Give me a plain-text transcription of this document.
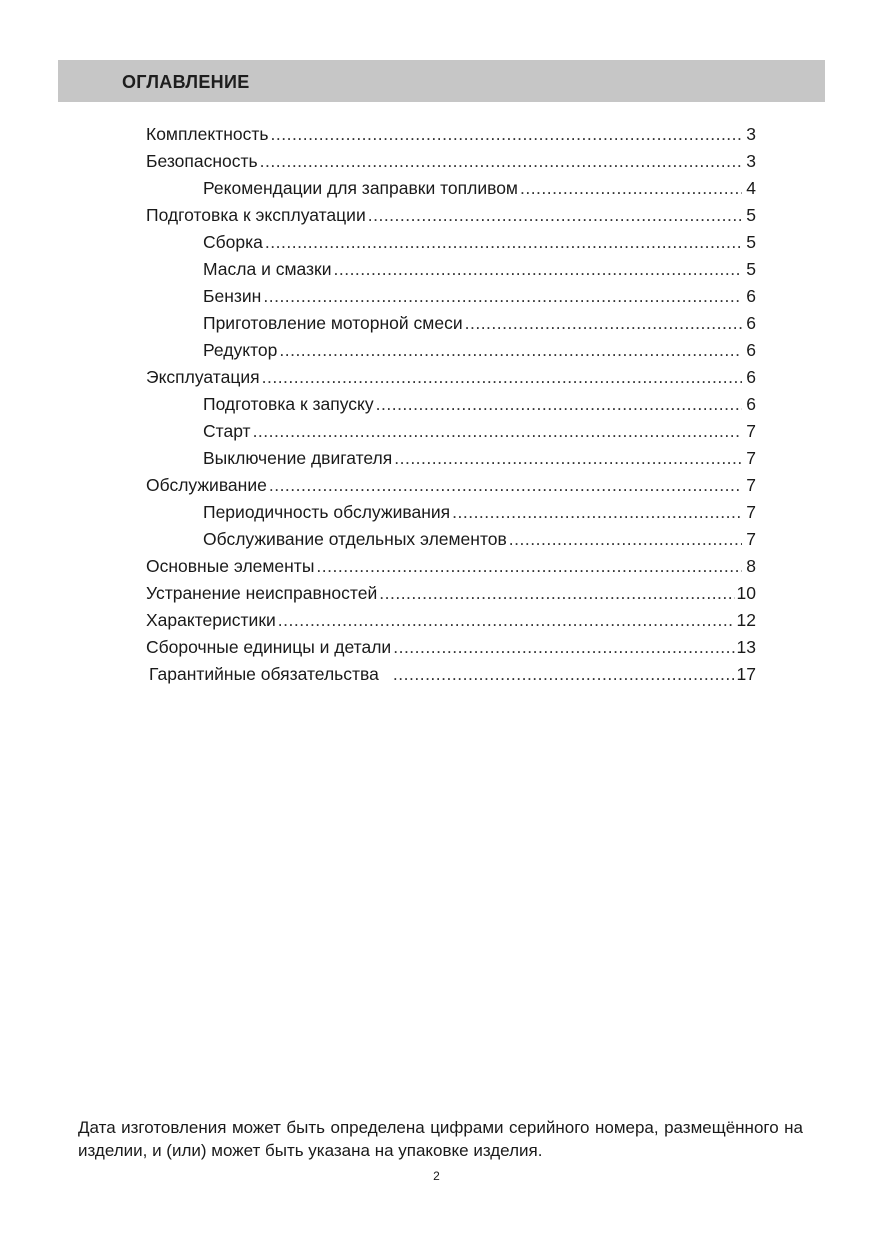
ОГЛАВЛЕНИЕ
Комплектность .....	3
Безопасность .....	3
Рекомендации для заправки топливом .....	4
Подготовка к эксплуатации .....	5
Сборка .....	5
Масла и смазки .....	5
Бензин .....	6
Приготовление моторной смеси .....	6
Редуктор .....	6
Эксплуатация .....	6
Подготовка к запуску .....	6
Старт .....	7
Выключение двигателя .....	7
Обслуживание .....	7
Периодичность обслуживания .....	7
Обслуживание отдельных элементов .....	7
Основные элементы .....	8
Устранение неисправностей .....	10
Характеристики .....	12
Сборочные единицы и детали .....	13
Гарантийные обязательства .....	17

Дата изготовления может быть определена цифрами серийного номера, размещённого на изделии, и (или) может быть указана на упаковке изделия.

2
